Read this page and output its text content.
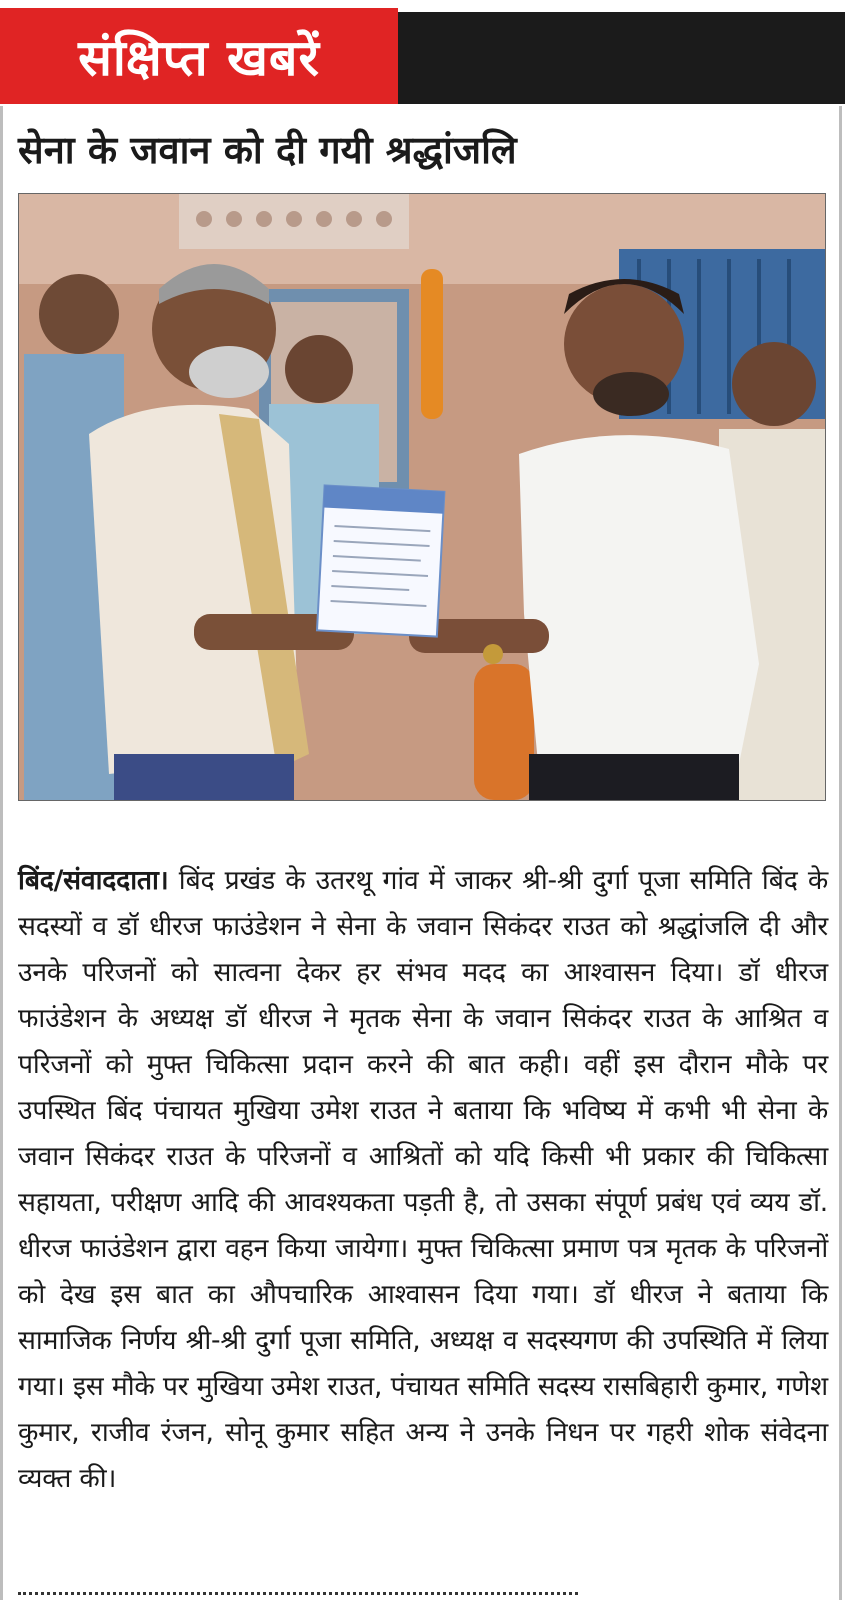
संक्षिप्त खबरें
सेना के जवान को दी गयी श्रद्धांजलि
बिंद/संवाददाता। बिंद प्रखंड के उतरथू गांव में जाकर श्री-श्री दुर्गा पूजा समिति बिंद के सदस्यों व डॉ धीरज फाउंडेशन ने सेना के जवान सिकंदर राउत को श्रद्धांजलि दी और उनके परिजनों को सात्वना देकर हर संभव मदद का आश्वासन दिया। डॉ धीरज फाउंडेशन के अध्यक्ष डॉ धीरज ने मृतक सेना के जवान सिकंदर राउत के आश्रित व परिजनों को मुफ्त चिकित्सा प्रदान करने की बात कही। वहीं इस दौरान मौके पर उपस्थित बिंद पंचायत मुखिया उमेश राउत ने बताया कि भविष्य में कभी भी सेना के जवान सिकंदर राउत के परिजनों व आश्रितों को यदि किसी भी प्रकार की चिकित्सा सहायता, परीक्षण आदि की आवश्यकता पड़ती है, तो उसका संपूर्ण प्रबंध एवं व्यय डॉ. धीरज फाउंडेशन द्वारा वहन किया जायेगा। मुफ्त चिकित्सा प्रमाण पत्र मृतक के परिजनों को देख इस बात का औपचारिक आश्वासन दिया गया। डॉ धीरज ने बताया कि सामाजिक निर्णय श्री-श्री दुर्गा पूजा समिति, अध्यक्ष व सदस्यगण की उपस्थिति में लिया गया। इस मौके पर मुखिया उमेश राउत, पंचायत समिति सदस्य रासबिहारी कुमार, गणेश कुमार, राजीव रंजन, सोनू कुमार सहित अन्य ने उनके निधन पर गहरी शोक संवेदना व्यक्त की।
